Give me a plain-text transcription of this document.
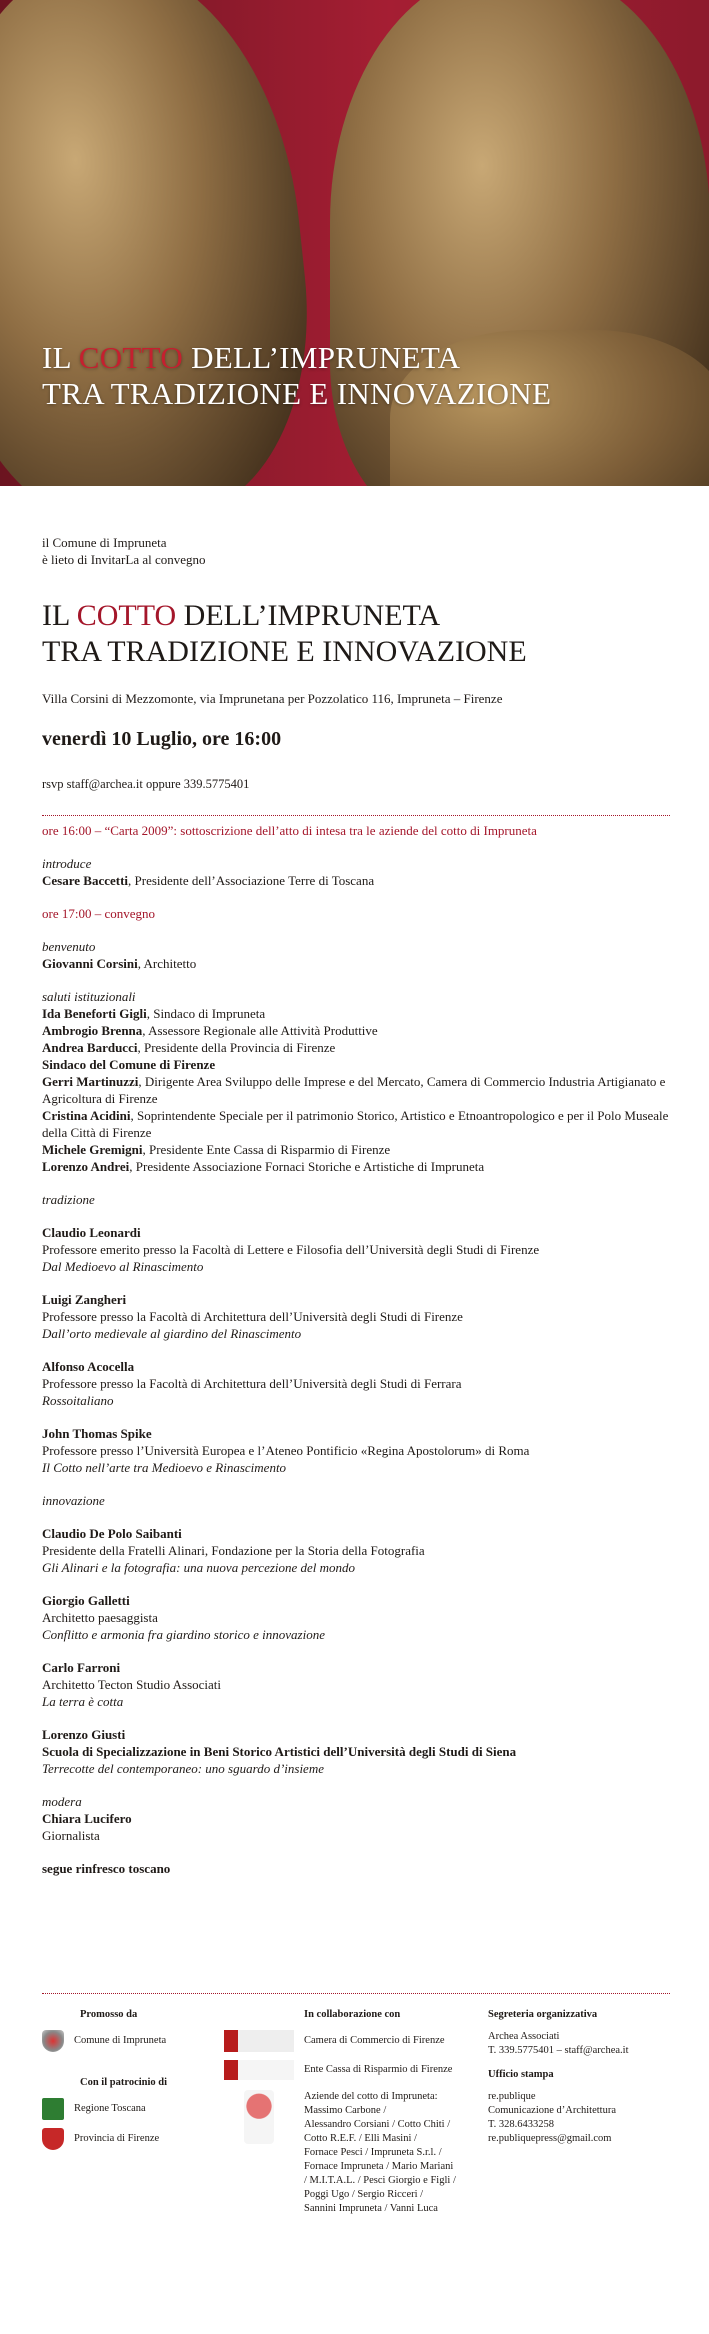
IL COTTO DELL’IMPRUNETA
TRA TRADIZIONE E INNOVAZIONE
il Comune di Impruneta
è lieto di InvitarLa al convegno
IL COTTO DELL’IMPRUNETA
TRA TRADIZIONE E INNOVAZIONE
Villa Corsini di Mezzomonte, via Imprunetana per Pozzolatico 116, Impruneta – Firenze
venerdì 10 Luglio, ore 16:00
rsvp staff@archea.it oppure 339.5775401
ore 16:00 – “Carta 2009”: sottoscrizione dell’atto di intesa tra le aziende del cotto di Impruneta
introduce
Cesare Baccetti, Presidente dell’Associazione Terre di Toscana
ore 17:00 – convegno
benvenuto
Giovanni Corsini, Architetto
saluti istituzionali
Ida Beneforti Gigli, Sindaco di Impruneta
Ambrogio Brenna, Assessore Regionale alle Attività Produttive
Andrea Barducci, Presidente della Provincia di Firenze
Sindaco del Comune di Firenze
Gerri Martinuzzi, Dirigente Area Sviluppo delle Imprese e del Mercato, Camera di Commercio Industria Artigianato e Agricoltura di Firenze
Cristina Acidini, Soprintendente Speciale per il patrimonio Storico, Artistico e Etnoantropologico e per il Polo Museale della Città di Firenze
Michele Gremigni, Presidente Ente Cassa di Risparmio di Firenze
Lorenzo Andrei, Presidente Associazione Fornaci Storiche e Artistiche di Impruneta
tradizione
Claudio Leonardi
Professore emerito presso la Facoltà di Lettere e Filosofia dell’Università degli Studi di Firenze
Dal Medioevo al Rinascimento
Luigi Zangheri
Professore presso la Facoltà di Architettura dell’Università degli Studi di Firenze
Dall’orto medievale al giardino del Rinascimento
Alfonso Acocella
Professore presso la Facoltà di Architettura dell’Università degli Studi di Ferrara
Rossoitaliano
John Thomas Spike
Professore presso l’Università Europea e l’Ateneo Pontificio «Regina Apostolorum» di Roma
Il Cotto nell’arte tra Medioevo e Rinascimento
innovazione
Claudio De Polo Saibanti
Presidente della Fratelli Alinari, Fondazione per la Storia della Fotografia
Gli Alinari e la fotografia: una nuova percezione del mondo
Giorgio Galletti
Architetto paesaggista
Conflitto e armonia fra giardino storico e innovazione
Carlo Farroni
Architetto Tecton Studio Associati
La terra è cotta
Lorenzo Giusti
Scuola di Specializzazione in Beni Storico Artistici dell’Università degli Studi di Siena
Terrecotte del contemporaneo: uno sguardo d’insieme
modera
Chiara Lucifero
Giornalista
segue rinfresco toscano
Promosso da
Comune di Impruneta
Con il patrocinio di
Regione Toscana
Provincia di Firenze
In collaborazione con
Camera di Commercio di Firenze
Ente Cassa di Risparmio di Firenze
Aziende del cotto di Impruneta:
Massimo Carbone /
Alessandro Corsiani / Cotto Chiti /
Cotto R.E.F. / Elli Masini /
Fornace Pesci / Impruneta S.r.l. /
Fornace Impruneta / Mario Mariani
/ M.I.T.A.L. / Pesci Giorgio e Figli /
Poggi Ugo / Sergio Ricceri /
Sannini Impruneta / Vanni Luca
Segreteria organizzativa
Archea Associati
T. 339.5775401 – staff@archea.it
Ufficio stampa
re.publique
Comunicazione d’Architettura
T. 328.6433258
re.publiquepress@gmail.com
